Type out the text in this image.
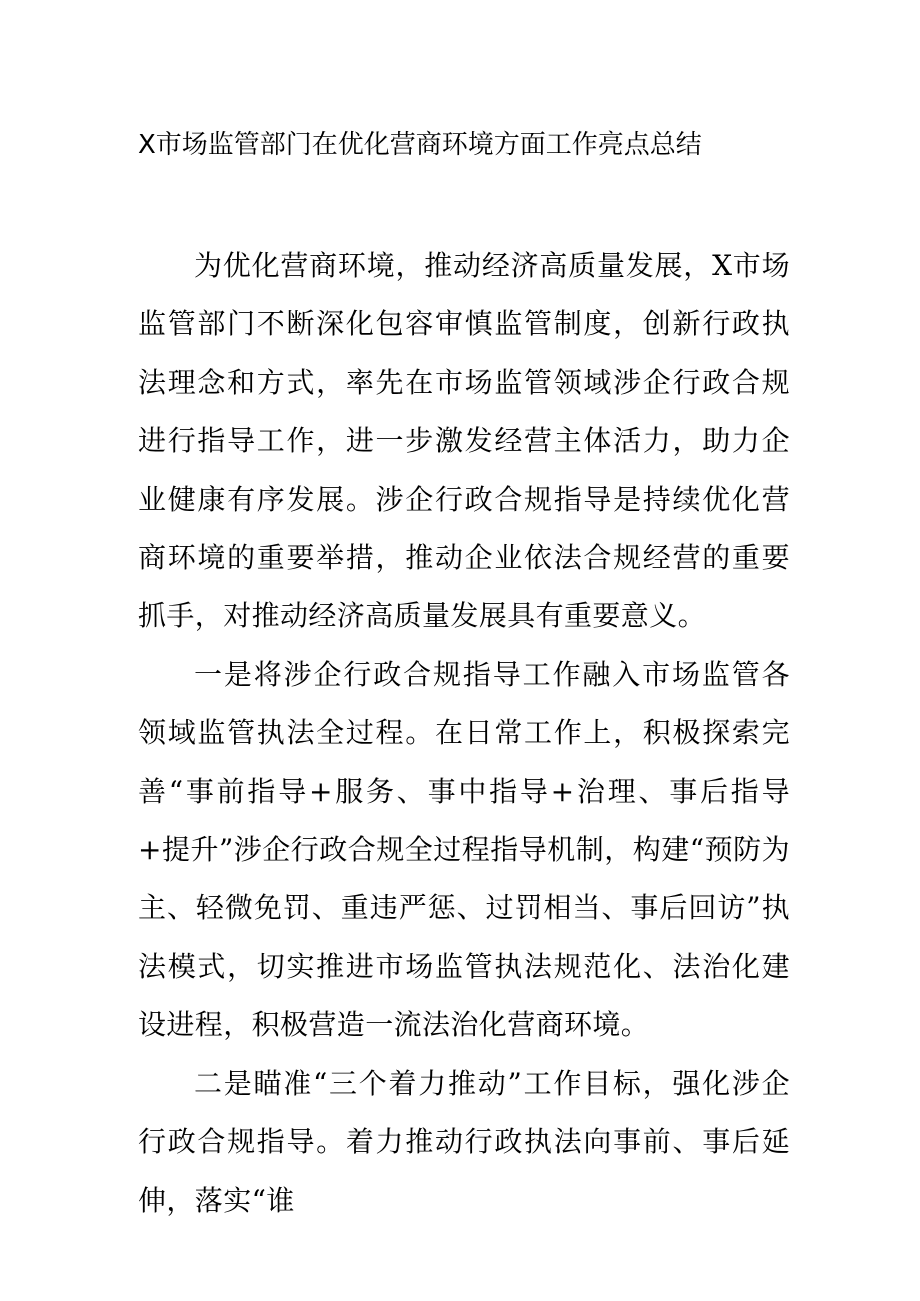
X市场监管部门在优化营商环境方面工作亮点总结

为优化营商环境，推动经济高质量发展，X市场监管部门不断深化包容审慎监管制度，创新行政执法理念和方式，率先在市场监管领域涉企行政合规进行指导工作，进一步激发经营主体活力，助力企业健康有序发展。涉企行政合规指导是持续优化营商环境的重要举措，推动企业依法合规经营的重要抓手，对推动经济高质量发展具有重要意义。

一是将涉企行政合规指导工作融入市场监管各领域监管执法全过程。在日常工作上，积极探索完善“事前指导+服务、事中指导+治理、事后指导+提升”涉企行政合规全过程指导机制，构建“预防为主、轻微免罚、重违严惩、过罚相当、事后回访”执法模式，切实推进市场监管执法规范化、法治化建设进程，积极营造一流法治化营商环境。

二是瞄准“三个着力推动”工作目标，强化涉企行政合规指导。着力推动行政执法向事前、事后延伸，落实“谁
